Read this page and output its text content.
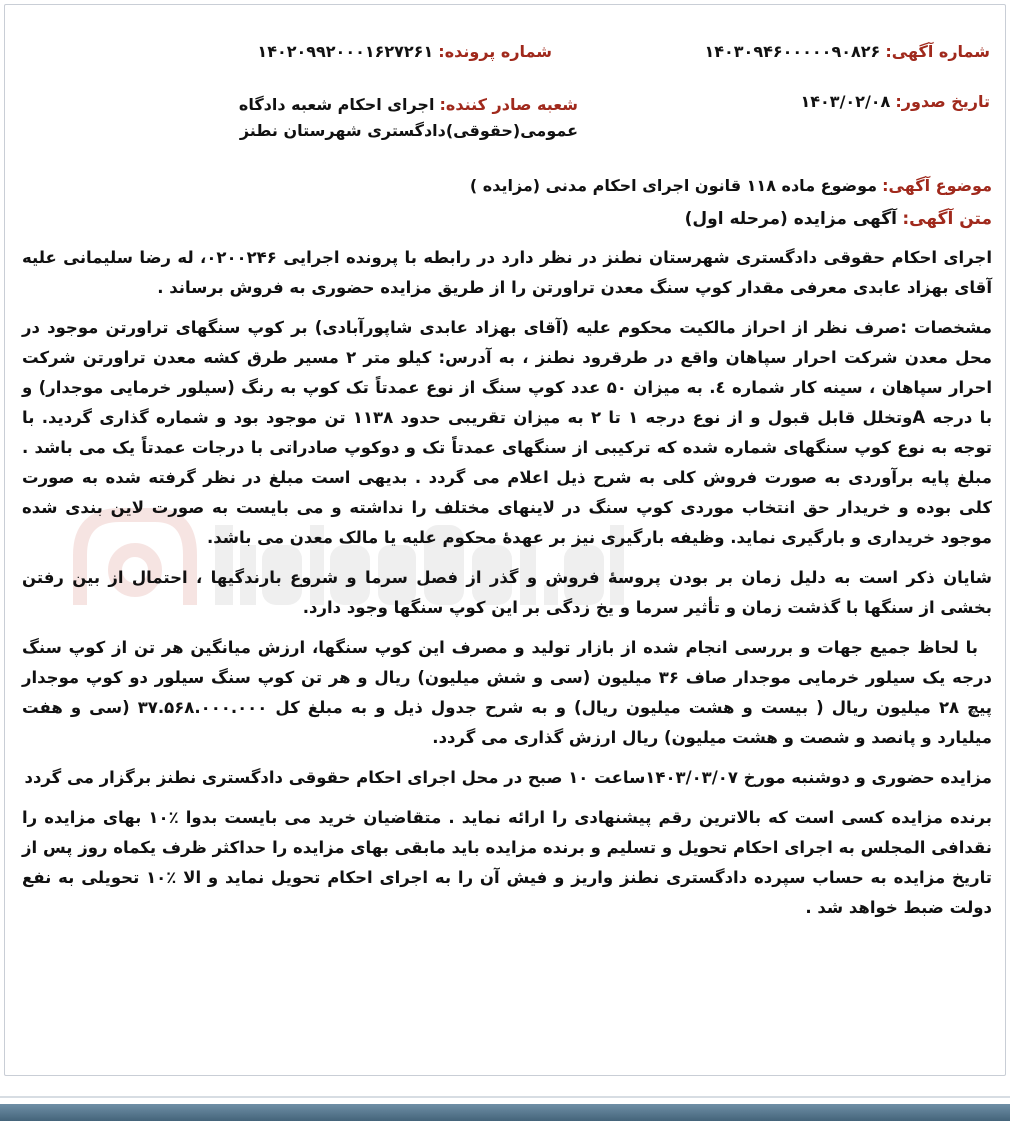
شماره آگهی: ۱۴۰۳۰۹۴۶۰۰۰۰۰۹۰۸۲۶
شماره پرونده: ۱۴۰۲۰۹۹۲۰۰۰۱۶۲۷۲۶۱
تاریخ صدور: ۱۴۰۳/۰۲/۰۸
شعبه صادر کننده: اجرای احکام شعبه دادگاه عمومی(حقوقی)دادگستری شهرستان نطنز
موضوع آگهی: موضوع ماده ۱۱۸ قانون اجرای احکام مدنی (مزایده )
متن آگهی: آگهی مزایده (مرحله اول)

اجرای احکام حقوقی دادگستری شهرستان نطنز در نظر دارد در رابطه با پرونده اجرایی ۰۲۰۰۲۴۶، له رضا سلیمانی علیه آقای بهزاد عابدی معرفی مقدار کوپ سنگ معدن تراورتن را از طریق مزایده حضوری به فروش برساند .

مشخصات :صرف نظر از احراز مالکیت محکوم علیه (آقای بهزاد عابدی شاپورآبادی) بر کوپ سنگهای تراورتن موجود در محل معدن شرکت احرار سپاهان واقع در طرقرود نطنز ، به آدرس: کیلو متر ۲ مسیر طرق کشه معدن تراورتن شرکت احرار سپاهان ، سینه کار شماره ٤. به میزان ۵۰ عدد کوپ سنگ از نوع عمدتاً تک کوپ به رنگ (سیلور خرمایی موجدار) و با درجه Aوتخلل قابل قبول و از نوع درجه ۱ تا ۲ به میزان تقریبی حدود ۱۱۳۸ تن موجود بود و شماره گذاری گردید. با توجه به نوع کوپ سنگهای شماره شده که ترکیبی از سنگهای عمدتاً تک و دوکوپ صادراتی با درجات عمدتاً یک می باشد . مبلغ پایه برآوردی به صورت فروش کلی به شرح ذیل اعلام می گردد . بدیهی است مبلغ در نظر گرفته شده به صورت کلی بوده و خریدار حق انتخاب موردی کوپ سنگ در لاینهای مختلف را نداشته و می بایست به صورت لاین بندی شده موجود خریداری و بارگیری نماید. وظیفه بارگیری نیز بر عهدۀ محکوم علیه یا مالک معدن می باشد.

شایان ذکر است به دلیل زمان بر بودن پروسۀ فروش و گذر از فصل سرما و شروع بارندگیها ، احتمال از بین رفتن بخشی از سنگها با گذشت زمان و تأثیر سرما و یخ زدگی بر این کوپ سنگها وجود دارد.

با لحاظ جمیع جهات و بررسی انجام شده از بازار تولید و مصرف این کوپ سنگها، ارزش میانگین هر تن از کوپ سنگ درجه یک سیلور خرمایی موجدار صاف ۳۶ میلیون (سی و شش میلیون) ریال و هر تن کوپ سنگ سیلور دو کوپ موجدار پیچ ۲۸ میلیون ریال ( بیست و هشت میلیون ریال) و به شرح جدول ذیل و به مبلغ کل ۳۷.۵۶۸.۰۰۰.۰۰۰ (سی و هفت میلیارد و پانصد و شصت و هشت میلیون) ریال ارزش گذاری می گردد.

مزایده حضوری و دوشنبه مورخ ۱۴۰۳/۰۳/۰۷ساعت ۱۰ صبح در محل اجرای احکام حقوقی دادگستری نطنز برگزار می گردد

برنده مزایده کسی است که بالاترین رقم پیشنهادی را ارائه نماید . متقاضیان خرید می بایست بدوا ٪۱۰ بهای مزایده را نقدافی المجلس به اجرای احکام تحویل و تسلیم و برنده مزایده باید مابقی بهای مزایده را حداکثر ظرف یکماه روز پس از تاریخ مزایده به حساب سپرده دادگستری نطنز واریز و فیش آن را به اجرای احکام تحویل نماید و الا ٪۱۰ تحویلی به نفع دولت ضبط خواهد شد .
